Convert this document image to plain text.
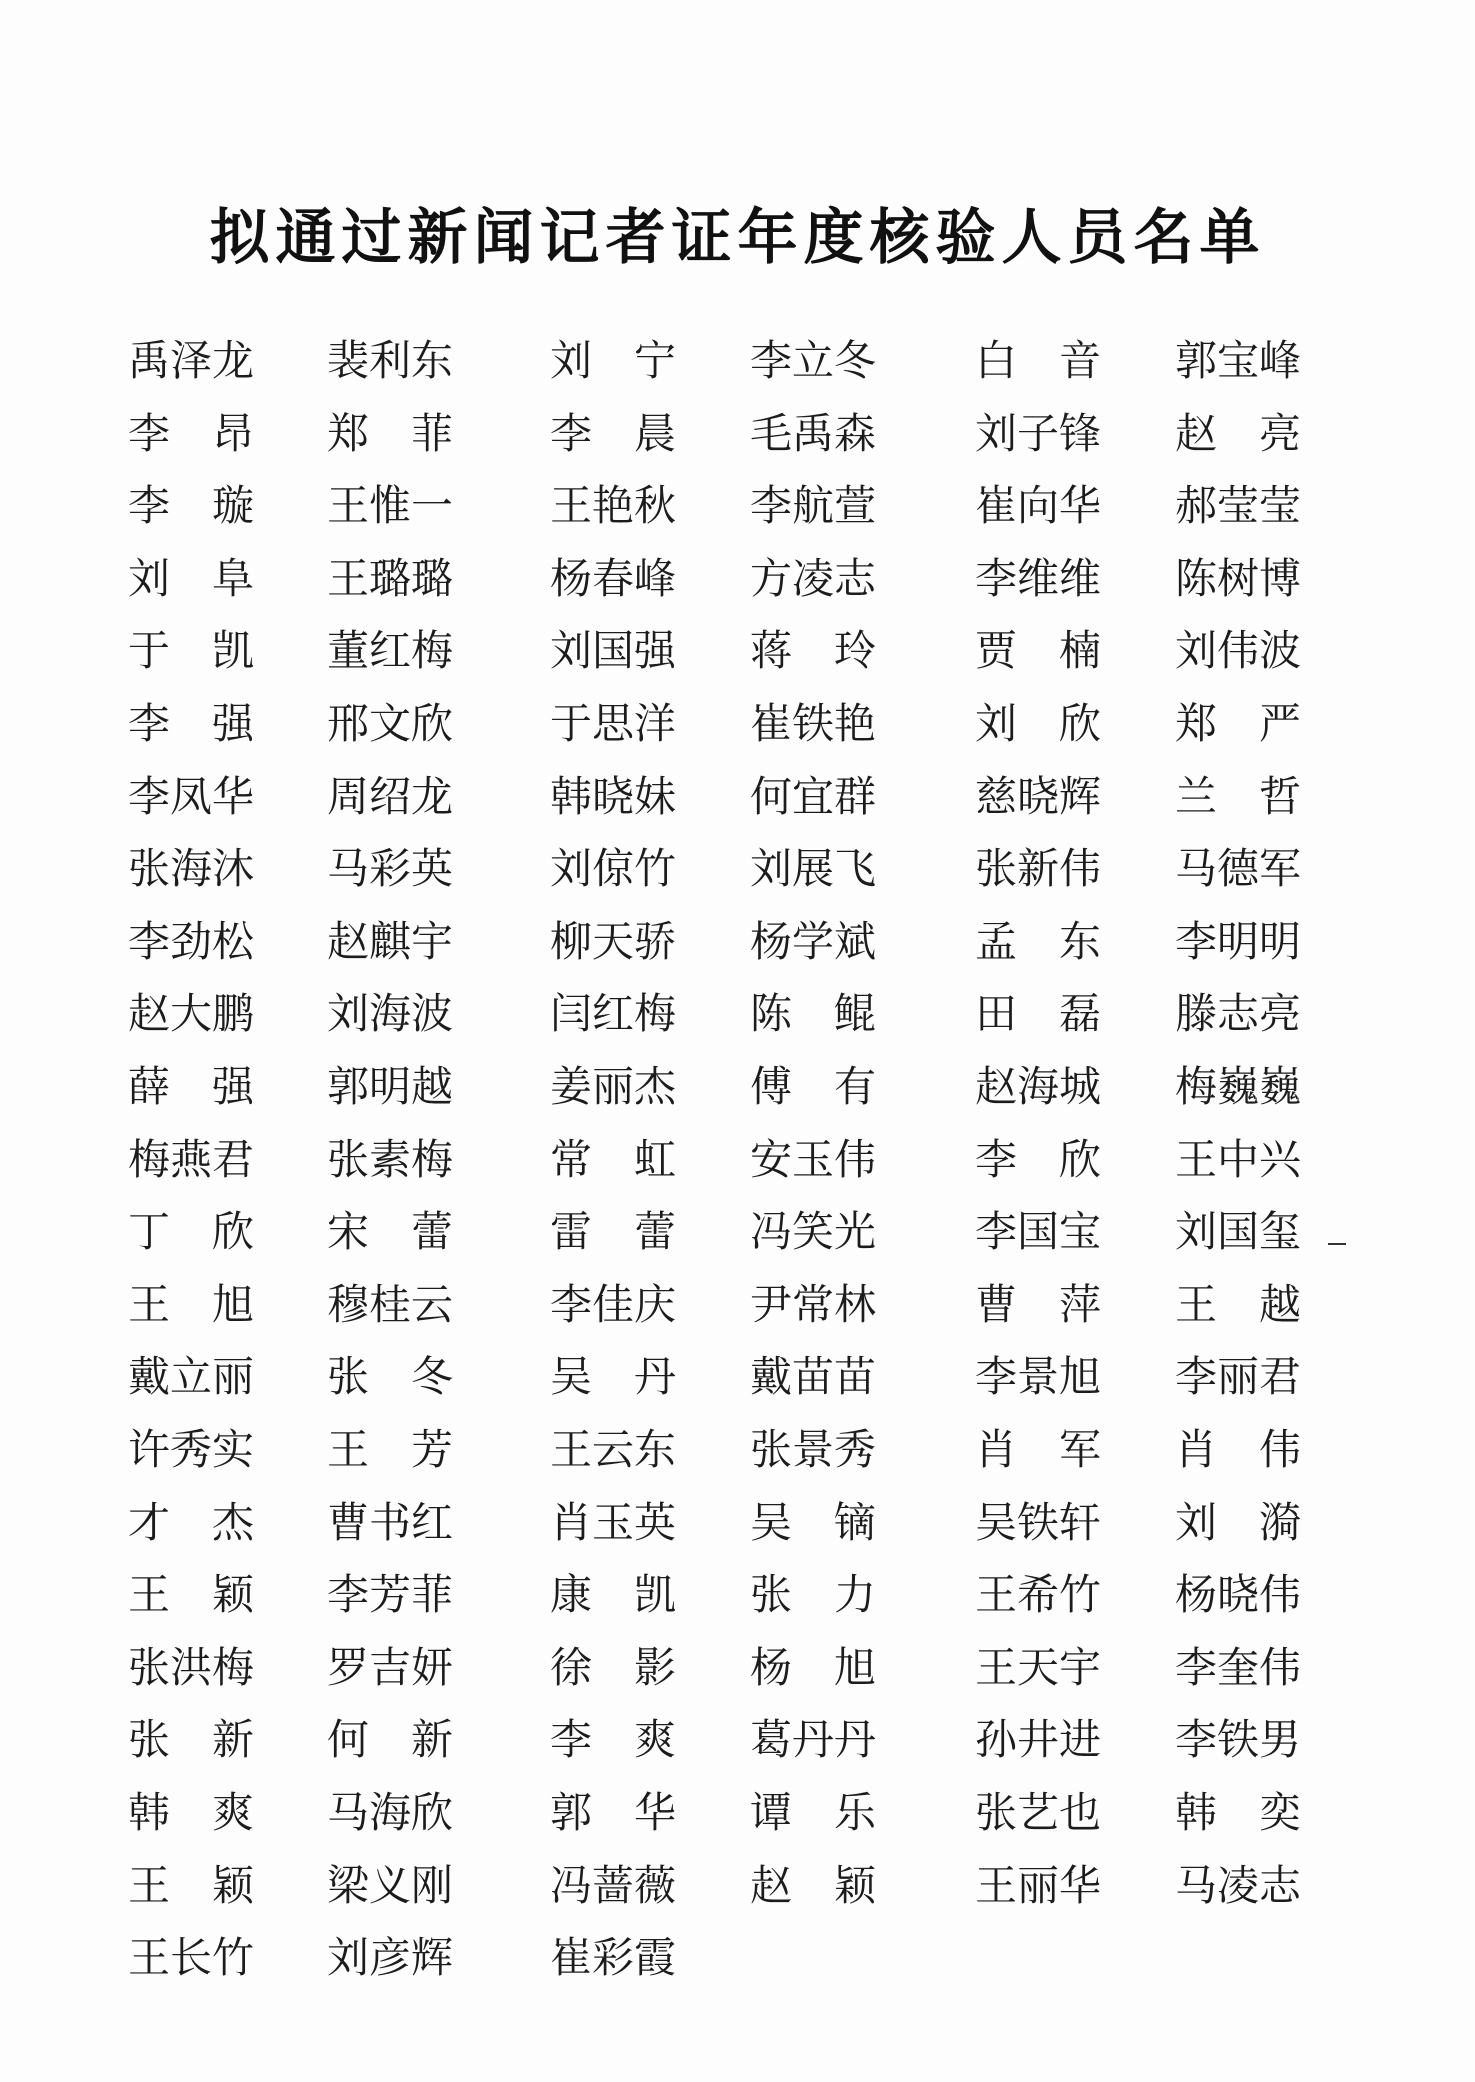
拟通过新闻记者证年度核验人员名单
禹 泽 龙 裴 利 东 刘 宁 李 立 冬 白 音 郭 宝 峰
李 昂 郑 菲 李 晨 毛 禹 森 刘 子 锋 赵 亮
李 璇 王 惟 一 王 艳 秋 李 航 萱 崔 向 华 郝 莹 莹
刘 阜 王 璐 璐 杨 春 峰 方 凌 志 李 维 维 陈 树 博
于 凯 董 红 梅 刘 国 强 蒋 玲 贾 楠 刘 伟 波
李 强 邢 文 欣 于 思 洋 崔 铁 艳 刘 欣 郑 严
李 凤 华 周 绍 龙 韩 晓 妹 何 宜 群 慈 晓 辉 兰 哲
张 海 沐 马 彩 英 刘 倞 竹 刘 展 飞 张 新 伟 马 德 军
李 劲 松 赵 麒 宇 柳 天 骄 杨 学 斌 孟 东 李 明 明
赵 大 鹏 刘 海 波 闫 红 梅 陈 鲲 田 磊 滕 志 亮
薛 强 郭 明 越 姜 丽 杰 傅 有 赵 海 城 梅 巍 巍
梅 燕 君 张 素 梅 常 虹 安 玉 伟 李 欣 王 中 兴
丁 欣 宋 蕾 雷 蕾 冯 笑 光 李 国 宝 刘 国 玺
王 旭 穆 桂 云 李 佳 庆 尹 常 林 曹 萍 王 越
戴 立 丽 张 冬 吴 丹 戴 苗 苗 李 景 旭 李 丽 君
许 秀 实 王 芳 王 云 东 张 景 秀 肖 军 肖 伟
才 杰 曹 书 红 肖 玉 英 吴 镝 吴 铁 轩 刘 漪
王 颖 李 芳 菲 康 凯 张 力 王 希 竹 杨 晓 伟
张 洪 梅 罗 吉 妍 徐 影 杨 旭 王 天 宇 李 奎 伟
张 新 何 新 李 爽 葛 丹 丹 孙 井 进 李 铁 男
韩 爽 马 海 欣 郭 华 谭 乐 张 艺 也 韩 奕
王 颖 梁 义 刚 冯 蔷 薇 赵 颖 王 丽 华 马 凌 志
王 长 竹 刘 彦 辉 崔 彩 霞
